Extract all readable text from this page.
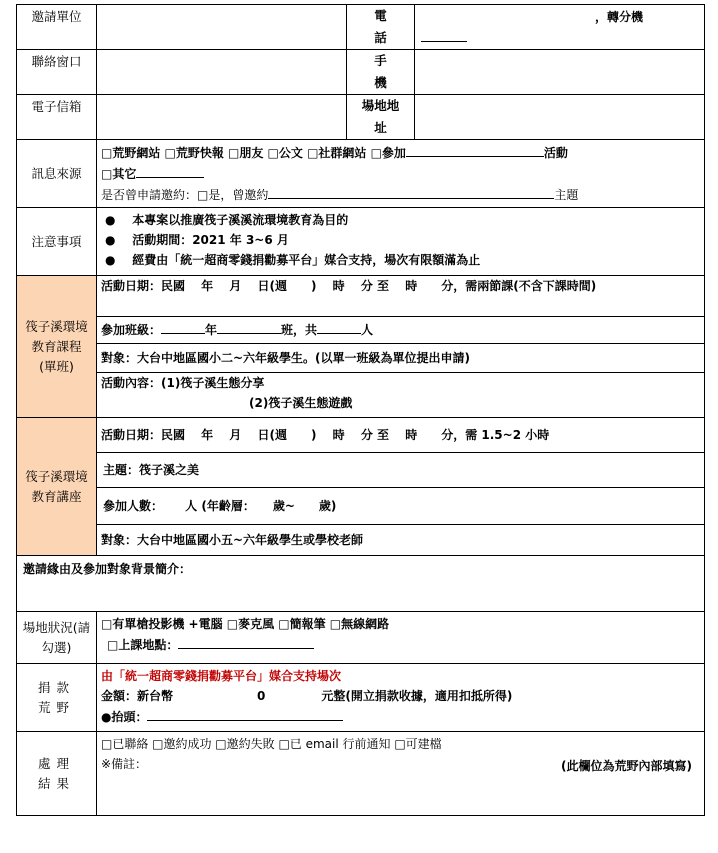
邀請單位		電話	，轉分機

聯絡窗口		手機	
電子信箱		場地地址	
訊息來源	□荒野網站 □荒野快報 □朋友 □公文 □社群網站 □參加 活動
□其它
是否曾申請邀約：□是，曾邀約 主題		

注意事項	●    本專案以推廣筏子溪溪流環境教育為目的
●    活動期間：2021 年 3~6 月
●    經費由「統一超商零錢捐勸募平台」媒合支持，場次有限額滿為止		

筏子溪環境教育課程(單班)	活動日期：民國　 年　 月　 日(週　　)　 時　 分 至　 時　　分，需兩節課(不含下課時間)
參加班級： 年 班，共 人
對象：大台中地區國小二~六年級學生。(以單一班級為單位提出申請)
活動內容：(1)筏子溪生態分享
(2)筏子溪生態遊戲		

筏子溪環境教育講座	活動日期：民國　 年　 月　 日(週　　)　 時　 分 至　 時　　分，需 1.5~2 小時
主題：筏子溪之美
參加人數：　　 人 (年齡層：　　歲~　　歲)
對象：大台中地區國小五~六年級學生或學校老師		

邀請緣由及參加對象背景簡介：			
場地狀況(請勾選)	□有單槍投影機 +電腦 □麥克風 □簡報筆 □無線網路
□上課地點：		

捐款荒野	由「統一超商零錢捐勸募平台」媒合支持場次
金額：新台幣 0 元整(開立捐款收據，適用扣抵所得)
●抬頭：		

處理結果	□已聯絡 □邀約成功 □邀約失敗 □已 email 行前通知 □可建檔
※備註： (此欄位為荒野內部填寫)		
